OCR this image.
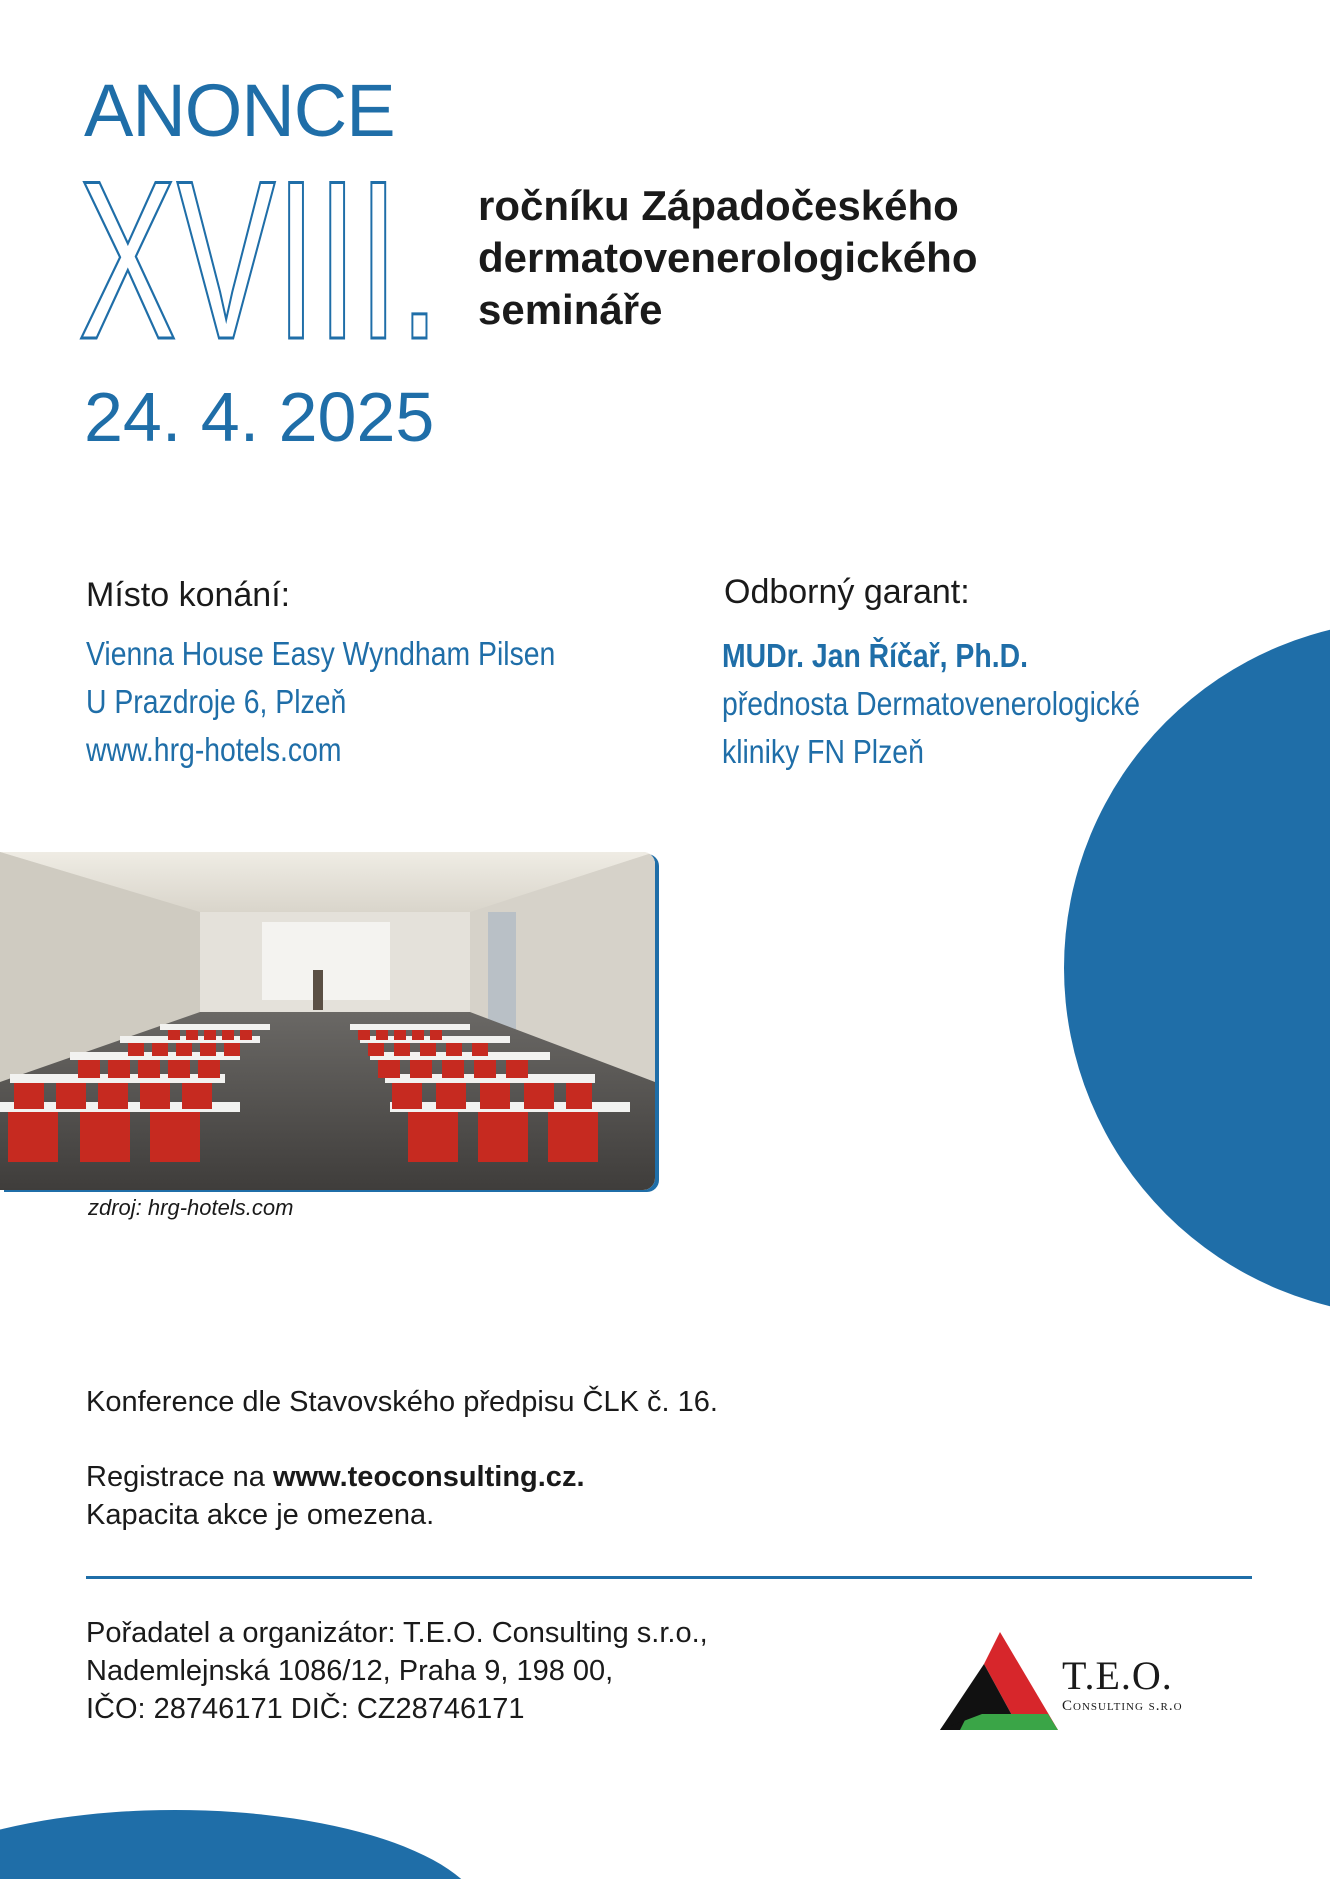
ANONCE
XVIII. ročníku Západočeského
dermatovenerologického
semináře
24. 4. 2025
Místo konání:
Vienna House Easy Wyndham Pilsen
U Prazdroje 6, Plzeň
www.hrg-hotels.com
Odborný garant:
MUDr. Jan Říčař, Ph.D.
přednosta Dermatovenerologické
kliniky FN Plzeň
zdroj: hrg-hotels.com
Konference dle Stavovského předpisu ČLK č. 16.
Registrace na www.teoconsulting.cz.
Kapacita akce je omezena.
Pořadatel a organizátor: T.E.O. Consulting s.r.o.,
Nademlejnská 1086/12, Praha 9, 198 00,
IČO: 28746171 DIČ: CZ28746171
T.E.O.
Consulting s.r.o
